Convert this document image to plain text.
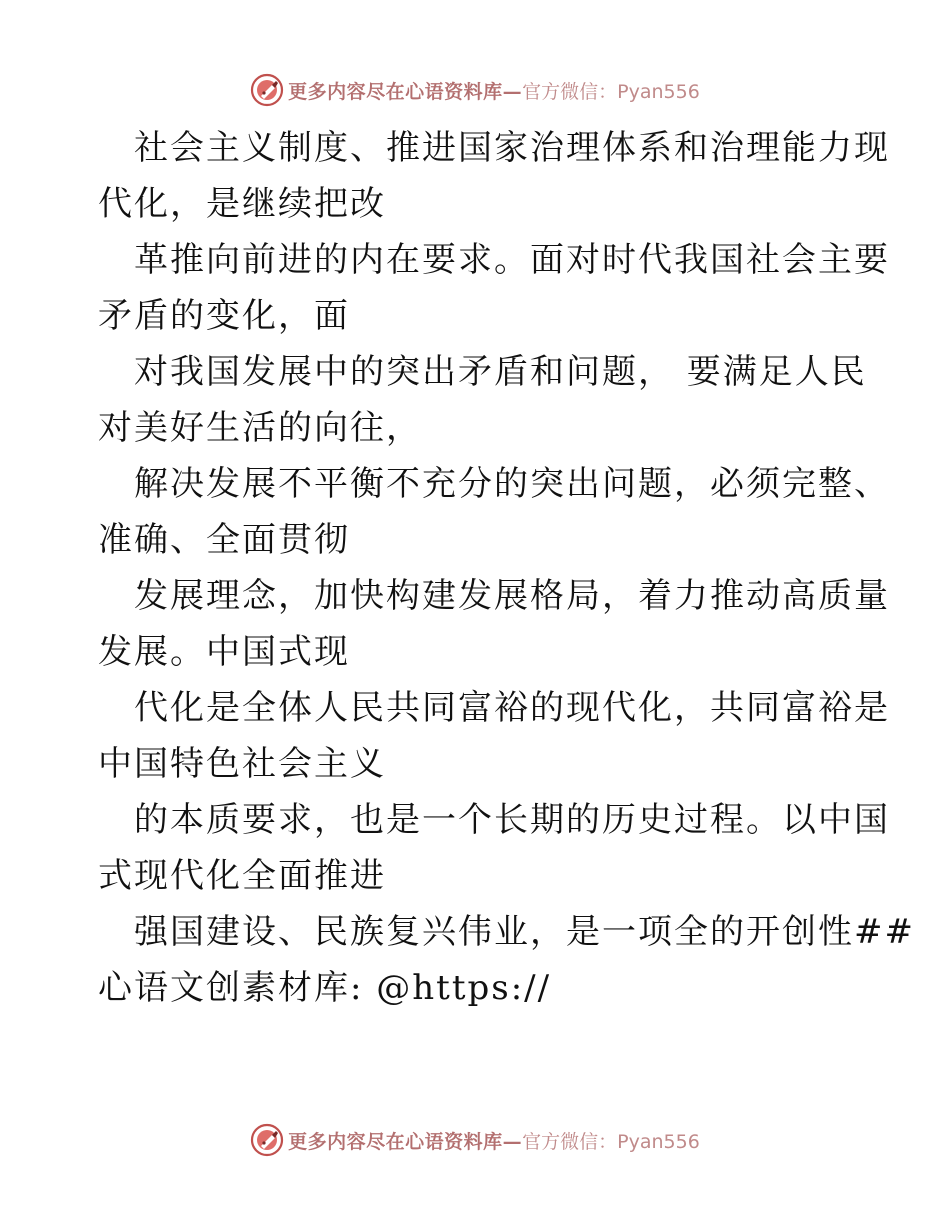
更多内容尽在心语资料库— 官方微信：Pyan556
社会主义制度、推进国家治理体系和治理能力现
代化，是继续把改
革推向前进的内在要求。面对时代我国社会主要
矛盾的变化，面
对我国发展中的突出矛盾和问题， 要满足人民
对美好生活的向往，
解决发展不平衡不充分的突出问题，必须完整、
准确、全面贯彻
发展理念，加快构建发展格局，着力推动高质量
发展。中国式现
代化是全体人民共同富裕的现代化，共同富裕是
中国特色社会主义
的本质要求，也是一个长期的历史过程。以中国
式现代化全面推进
强国建设、民族复兴伟业，是一项全的开创性##
心语文创素材库: @https://
更多内容尽在心语资料库— 官方微信：Pyan556
